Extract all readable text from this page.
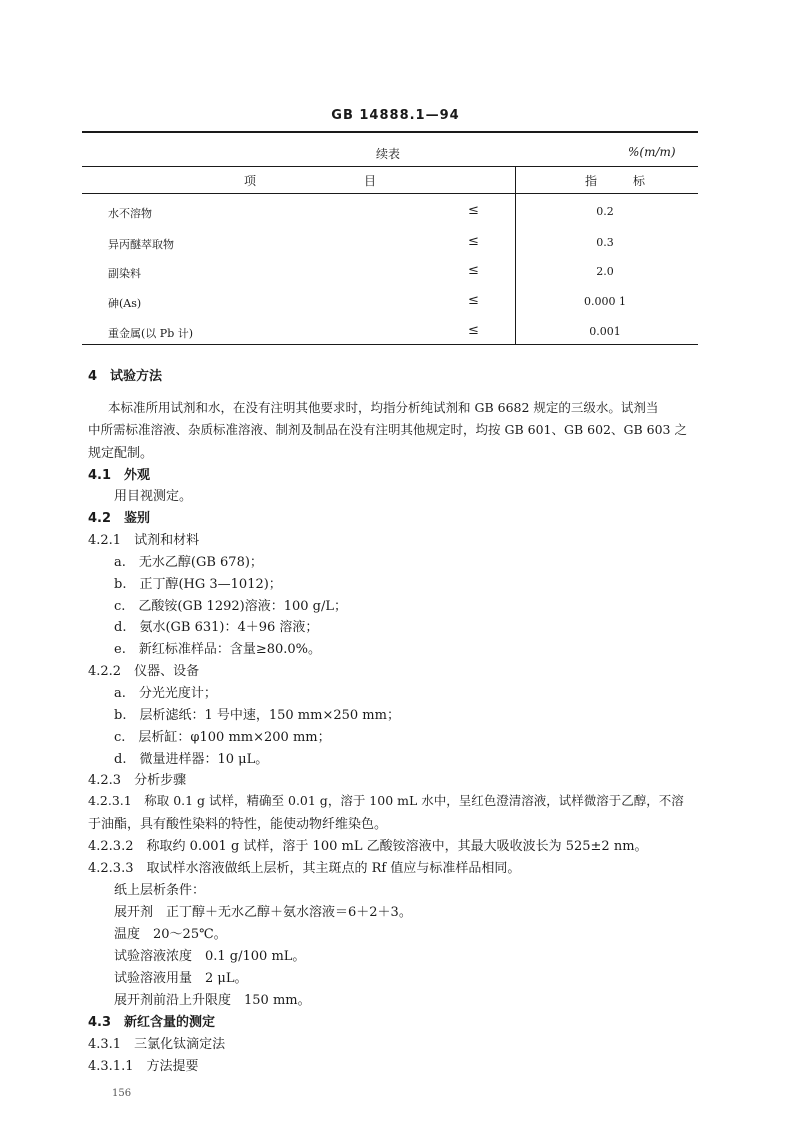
GB 14888.1—94
续表	%(m/m)
项　　　　　　　　　目	指　　　标
水不溶物	≤	0.2
异丙醚萃取物	≤	0.3
副染料	≤	2.0
砷(As)	≤	0.000 1
重金属(以 Pb 计)	≤	0.001
4　试验方法
本标准所用试剂和水，在没有注明其他要求时，均指分析纯试剂和 GB 6682 规定的三级水。试剂当
中所需标准溶液、杂质标准溶液、制剂及制品在没有注明其他规定时，均按 GB 601、GB 602、GB 603 之
规定配制。
4.1　外观
用目视测定。
4.2　鉴别
4.2.1　试剂和材料
a.　无水乙醇(GB 678)；
b.　正丁醇(HG 3—1012)；
c.　乙酸铵(GB 1292)溶液：100 g/L；
d.　氨水(GB 631)：4＋96 溶液；
e.　新红标准样品：含量≥80.0%。
4.2.2　仪器、设备
a.　分光光度计；
b.　层析滤纸：1 号中速，150 mm×250 mm；
c.　层析缸：φ100 mm×200 mm；
d.　微量进样器：10 μL。
4.2.3　分析步骤
4.2.3.1　称取 0.1 g 试样，精确至 0.01 g，溶于 100 mL 水中，呈红色澄清溶液，试样微溶于乙醇，不溶
于油酯，具有酸性染料的特性，能使动物纤维染色。
4.2.3.2　称取约 0.001 g 试样，溶于 100 mL 乙酸铵溶液中，其最大吸收波长为 525±2 nm。
4.2.3.3　取试样水溶液做纸上层析，其主斑点的 Rf 值应与标准样品相同。
纸上层析条件：
展开剂　正丁醇＋无水乙醇＋氨水溶液＝6＋2＋3。
温度　20～25℃。
试验溶液浓度　0.1 g/100 mL。
试验溶液用量　2 μL。
展开剂前沿上升限度　150 mm。
4.3　新红含量的测定
4.3.1　三氯化钛滴定法
4.3.1.1　方法提要
156
